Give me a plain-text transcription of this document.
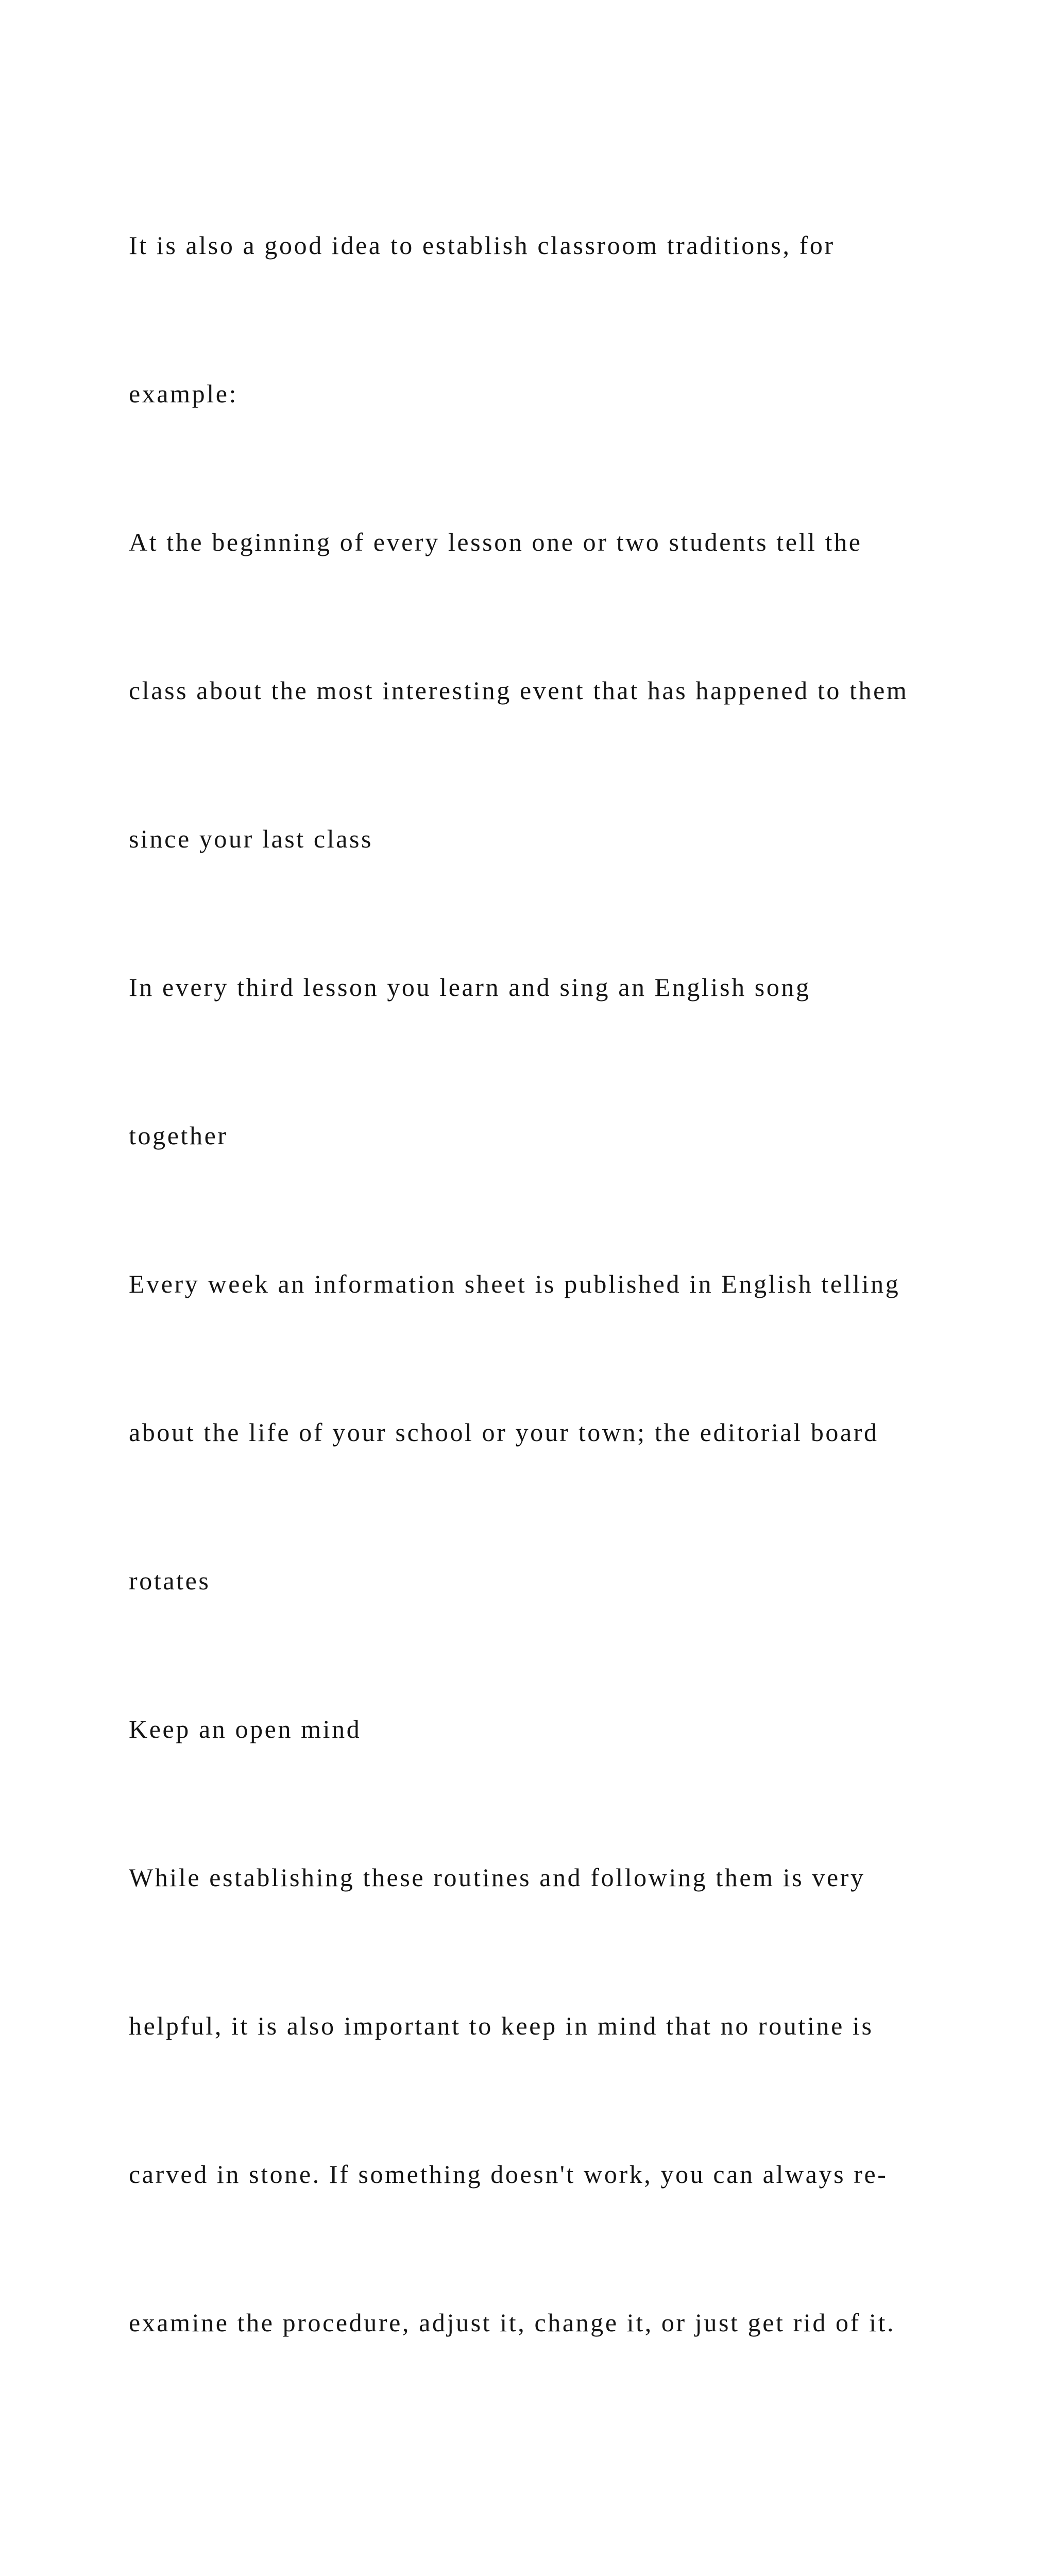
It is also a good idea to establish classroom traditions, for

example:

At the beginning of every lesson one or two students tell the

class about the most interesting event that has happened to them

since your last class

In every third lesson you learn and sing an English song

together

Every week an information sheet is published in English telling

about the life of your school or your town; the editorial board

rotates

Keep an open mind

While establishing these routines and following them is very

helpful, it is also important to keep in mind that no routine is

carved in stone. If something doesn't work, you can always re-

examine the procedure, adjust it, change it, or just get rid of it.
